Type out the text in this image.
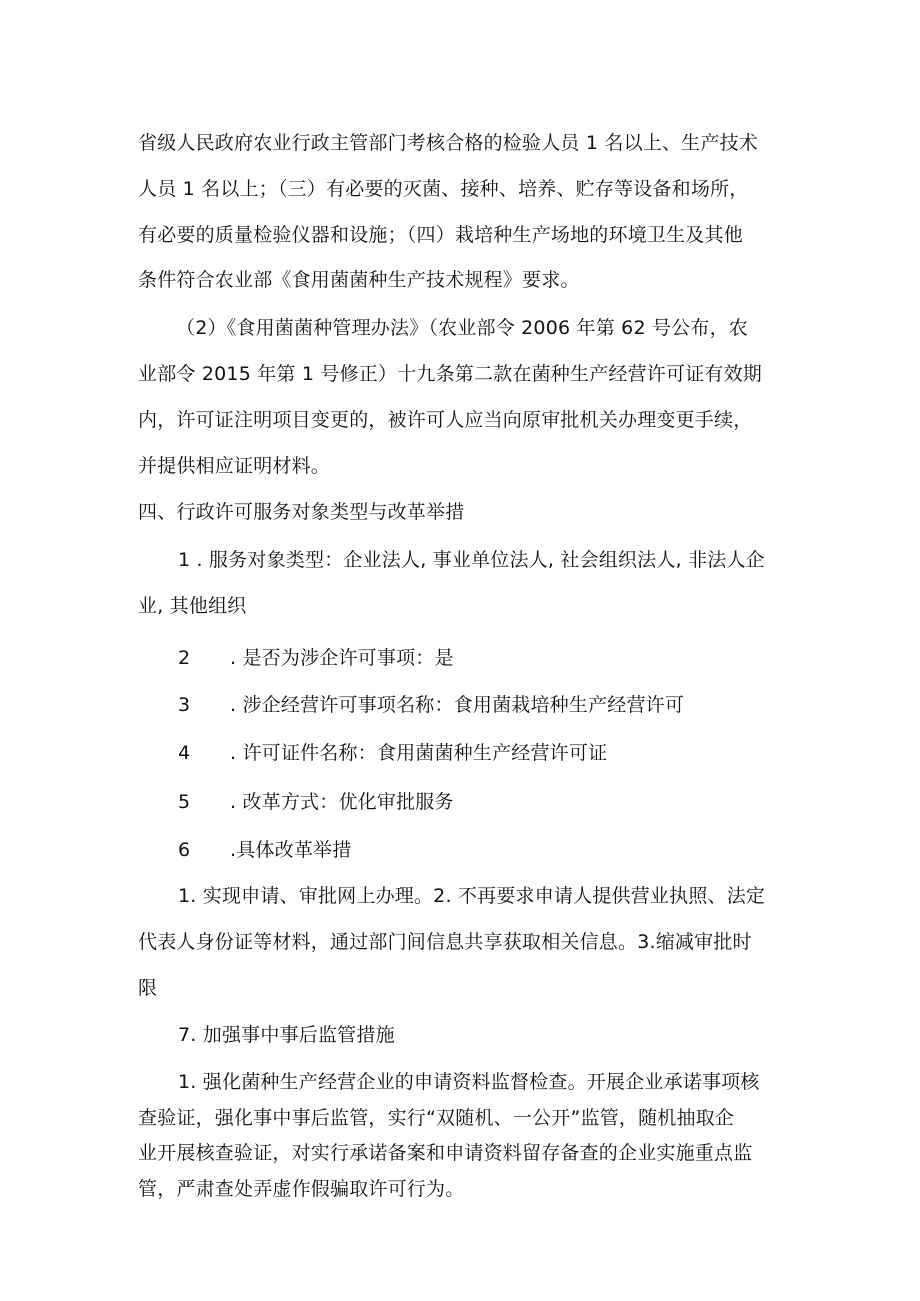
省级人民政府农业行政主管部门考核合格的检验人员 1 名以上、生产技术
人员 1 名以上；（三）有必要的灭菌、接种、培养、贮存等设备和场所，
有必要的质量检验仪器和设施；（四）栽培种生产场地的环境卫生及其他
条件符合农业部《食用菌菌种生产技术规程》要求。
（2）《食用菌菌种管理办法》（农业部令 2006 年第 62 号公布，农
业部令 2015 年第 1 号修正）十九条第二款在菌种生产经营许可证有效期
内，许可证注明项目变更的，被许可人应当向原审批机关办理变更手续，
并提供相应证明材料。
四、行政许可服务对象类型与改革举措
1 . 服务对象类型：企业法人, 事业单位法人, 社会组织法人, 非法人企
业, 其他组织
2 . 是否为涉企许可事项：是
3 . 涉企经营许可事项名称：食用菌栽培种生产经营许可
4 . 许可证件名称：食用菌菌种生产经营许可证
5 . 改革方式：优化审批服务
6 .具体改革举措
1. 实现申请、审批网上办理。2. 不再要求申请人提供营业执照、法定
代表人身份证等材料，通过部门间信息共享获取相关信息。3.缩减审批时
限
7. 加强事中事后监管措施
1. 强化菌种生产经营企业的申请资料监督检查。开展企业承诺事项核
查验证，强化事中事后监管，实行“双随机、一公开”监管，随机抽取企
业开展核查验证，对实行承诺备案和申请资料留存备查的企业实施重点监
管，严肃查处弄虚作假骗取许可行为。
